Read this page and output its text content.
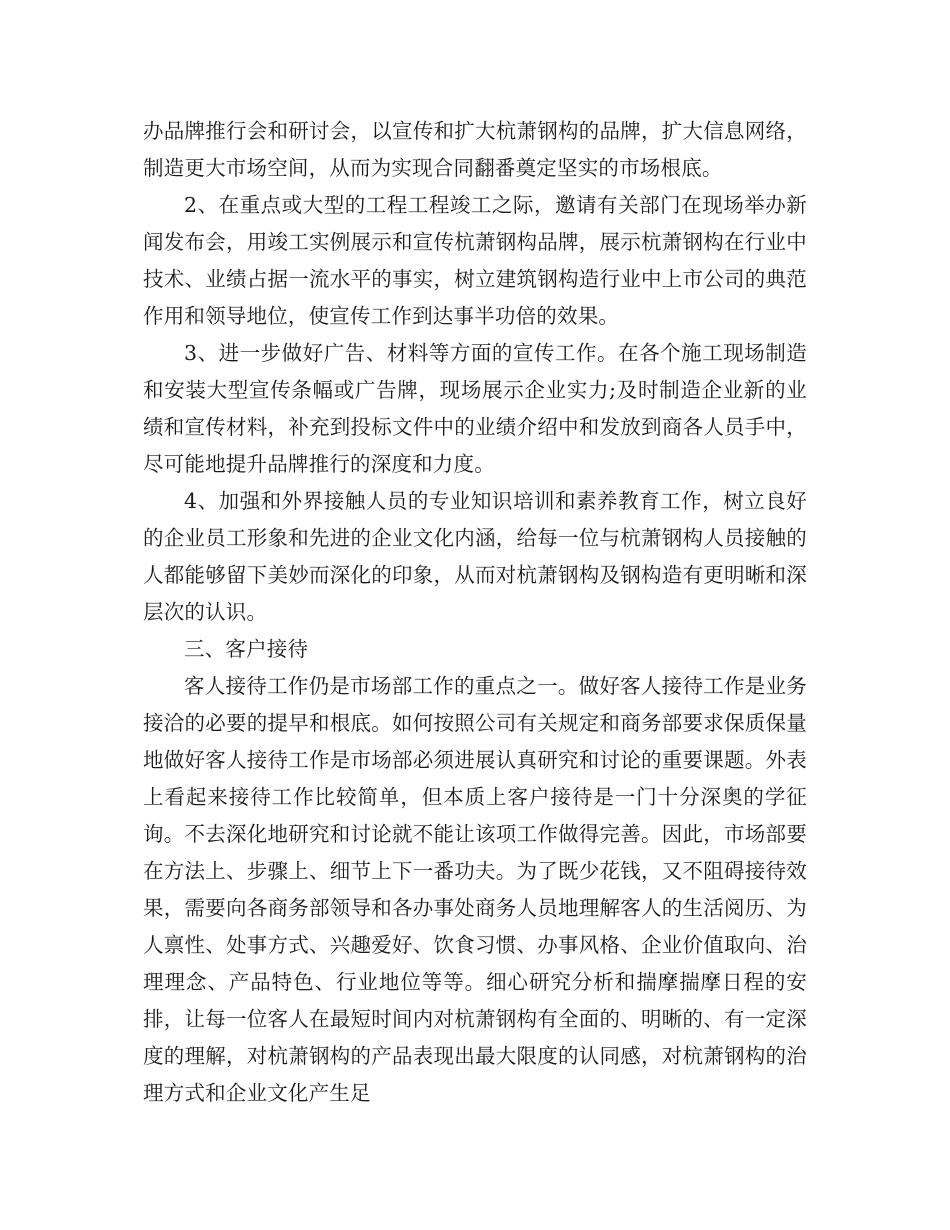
办品牌推行会和研讨会，以宣传和扩大杭萧钢构的品牌，扩大信息网络，制造更大市场空间，从而为实现合同翻番奠定坚实的市场根底。

2、在重点或大型的工程工程竣工之际，邀请有关部门在现场举办新闻发布会，用竣工实例展示和宣传杭萧钢构品牌，展示杭萧钢构在行业中技术、业绩占据一流水平的事实，树立建筑钢构造行业中上市公司的典范作用和领导地位，使宣传工作到达事半功倍的效果。

3、进一步做好广告、材料等方面的宣传工作。在各个施工现场制造和安装大型宣传条幅或广告牌，现场展示企业实力;及时制造企业新的业绩和宣传材料，补充到投标文件中的业绩介绍中和发放到商各人员手中，尽可能地提升品牌推行的深度和力度。

4、加强和外界接触人员的专业知识培训和素养教育工作，树立良好的企业员工形象和先进的企业文化内涵，给每一位与杭萧钢构人员接触的人都能够留下美妙而深化的印象，从而对杭萧钢构及钢构造有更明晰和深层次的认识。

三、客户接待

客人接待工作仍是市场部工作的重点之一。做好客人接待工作是业务接洽的必要的提早和根底。如何按照公司有关规定和商务部要求保质保量地做好客人接待工作是市场部必须进展认真研究和讨论的重要课题。外表上看起来接待工作比较简单，但本质上客户接待是一门十分深奥的学征询。不去深化地研究和讨论就不能让该项工作做得完善。因此，市场部要在方法上、步骤上、细节上下一番功夫。为了既少花钱，又不阻碍接待效果，需要向各商务部领导和各办事处商务人员地理解客人的生活阅历、为人禀性、处事方式、兴趣爱好、饮食习惯、办事风格、企业价值取向、治理理念、产品特色、行业地位等等。细心研究分析和揣摩揣摩日程的安排，让每一位客人在最短时间内对杭萧钢构有全面的、明晰的、有一定深度的理解，对杭萧钢构的产品表现出最大限度的认同感，对杭萧钢构的治理方式和企业文化产生足
